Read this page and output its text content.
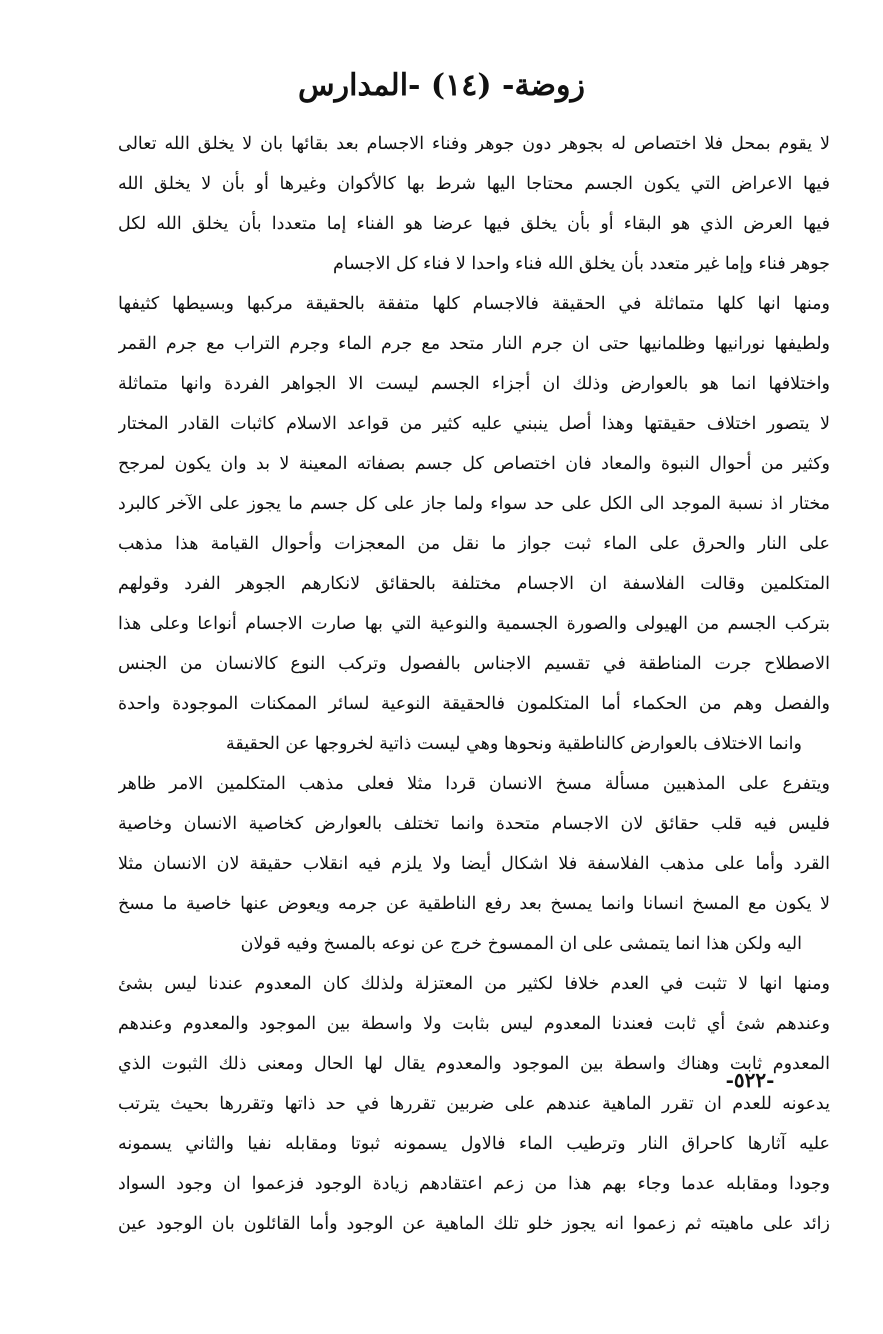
زوضة- (١٤) -المدارس
لا يقوم بمحل فلا اختصاص له بجوهر دون جوهر وفناء الاجسام بعد بقائها بان لا يخلق الله تعالى
فيها الاعراض التي يكون الجسم محتاجا اليها شرط بها كالأكوان وغيرها أو بأن لا يخلق الله
فيها العرض الذي هو البقاء أو بأن يخلق فيها عرضا هو الفناء إما متعددا بأن يخلق الله لكل
جوهر فناء وإما غير متعدد بأن يخلق الله فناء واحدا لا فناء كل الاجسام
ومنها انها كلها متماثلة في الحقيقة فالاجسام كلها متفقة بالحقيقة مركبها وبسيطها كثيفها
ولطيفها نورانيها وظلمانيها حتى ان جرم النار متحد مع جرم الماء وجرم التراب مع جرم القمر
واختلافها انما هو بالعوارض وذلك ان أجزاء الجسم ليست الا الجواهر الفردة وانها متماثلة
لا يتصور اختلاف حقيقتها وهذا أصل ينبني عليه كثير من قواعد الاسلام كاثبات القادر المختار
وكثير من أحوال النبوة والمعاد فان اختصاص كل جسم بصفاته المعينة لا بد وان يكون لمرجح
مختار اذ نسبة الموجد الى الكل على حد سواء ولما جاز على كل جسم ما يجوز على الآخر كالبرد
على النار والحرق على الماء ثبت جواز ما نقل من المعجزات وأحوال القيامة هذا مذهب
المتكلمين وقالت الفلاسفة ان الاجسام مختلفة بالحقائق لانكارهم الجوهر الفرد وقولهم
بتركب الجسم من الهيولى والصورة الجسمية والنوعية التي بها صارت الاجسام أنواعا وعلى هذا
الاصطلاح جرت المناطقة في تقسيم الاجناس بالفصول وتركب النوع كالانسان من الجنس
والفصل وهم من الحكماء أما المتكلمون فالحقيقة النوعية لسائر الممكنات الموجودة واحدة
وانما الاختلاف بالعوارض كالناطقية ونحوها وهي ليست ذاتية لخروجها عن الحقيقة
ويتفرع على المذهبين مسألة مسخ الانسان قردا مثلا فعلى مذهب المتكلمين الامر ظاهر
فليس فيه قلب حقائق لان الاجسام متحدة وانما تختلف بالعوارض كخاصية الانسان وخاصية
القرد وأما على مذهب الفلاسفة فلا اشكال أيضا ولا يلزم فيه انقلاب حقيقة لان الانسان مثلا
لا يكون مع المسخ انسانا وانما يمسخ بعد رفع الناطقية عن جرمه ويعوض عنها خاصية ما مسخ
اليه ولكن هذا انما يتمشى على ان الممسوخ خرج عن نوعه بالمسخ وفيه قولان
ومنها انها لا تثبت في العدم خلافا لكثير من المعتزلة ولذلك كان المعدوم عندنا ليس بشئ
وعندهم شئ أي ثابت فعندنا المعدوم ليس بثابت ولا واسطة بين الموجود والمعدوم وعندهم
المعدوم ثابت وهناك واسطة بين الموجود والمعدوم يقال لها الحال ومعنى ذلك الثبوت الذي
يدعونه للعدم ان تقرر الماهية عندهم على ضربين تقررها في حد ذاتها وتقررها بحيث يترتب
عليه آثارها كاحراق النار وترطيب الماء فالاول يسمونه ثبوتا ومقابله نفيا والثاني يسمونه
وجودا ومقابله عدما وجاء بهم هذا من زعم اعتقادهم زيادة الوجود فزعموا ان وجود السواد
زائد على ماهيته ثم زعموا انه يجوز خلو تلك الماهية عن الوجود وأما القائلون بان الوجود عين
-٥٢٢-
